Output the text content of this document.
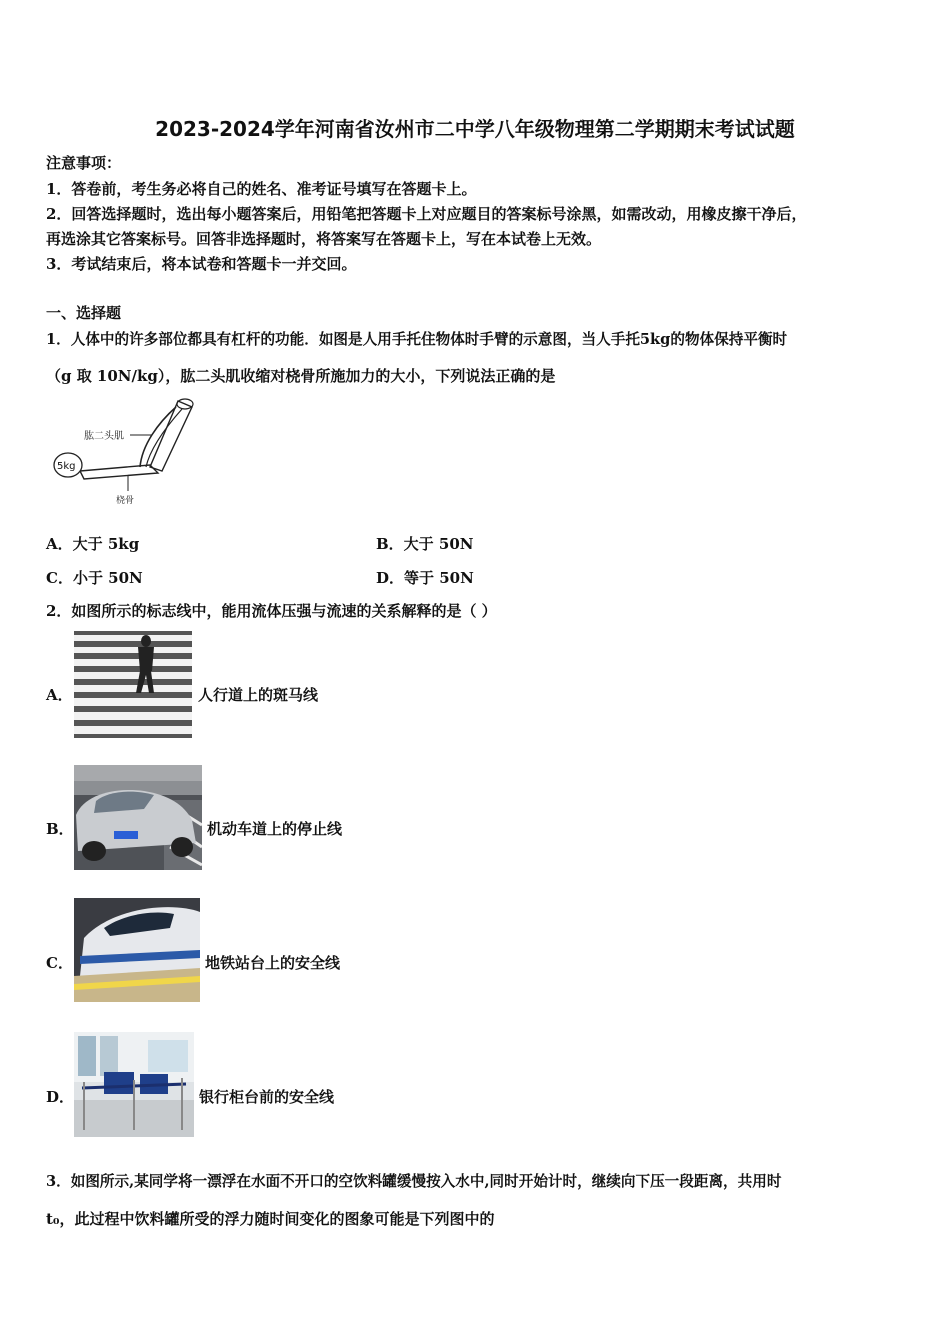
2023-2024学年河南省汝州市二中学八年级物理第二学期期末考试试题
注意事项：
1．答卷前，考生务必将自己的姓名、准考证号填写在答题卡上。
2．回答选择题时，选出每小题答案后，用铅笔把答题卡上对应题目的答案标号涂黑，如需改动，用橡皮擦干净后，
再选涂其它答案标号。回答非选择题时，将答案写在答题卡上，写在本试卷上无效。
3．考试结束后，将本试卷和答题卡一并交回。
一、选择题
1．人体中的许多部位都具有杠杆的功能．如图是人用手托住物体时手臂的示意图，当人手托5kg的物体保持平衡时
（g 取 10N/kg），肱二头肌收缩对桡骨所施加力的大小，下列说法正确的是
5kg
肱二头肌
桡骨
A．大于 5kg	B．大于 50N
C．小于 50N	D．等于 50N
2．如图所示的标志线中，能用流体压强与流速的关系解释的是（ ）
A．	人行道上的斑马线
B．	机动车道上的停止线
C．	地铁站台上的安全线
D．	银行柜台前的安全线
3．如图所示,某同学将一漂浮在水面不开口的空饮料罐缓慢按入水中,同时开始计时，继续向下压一段距离，共用时
t₀，此过程中饮料罐所受的浮力随时间变化的图象可能是下列图中的
